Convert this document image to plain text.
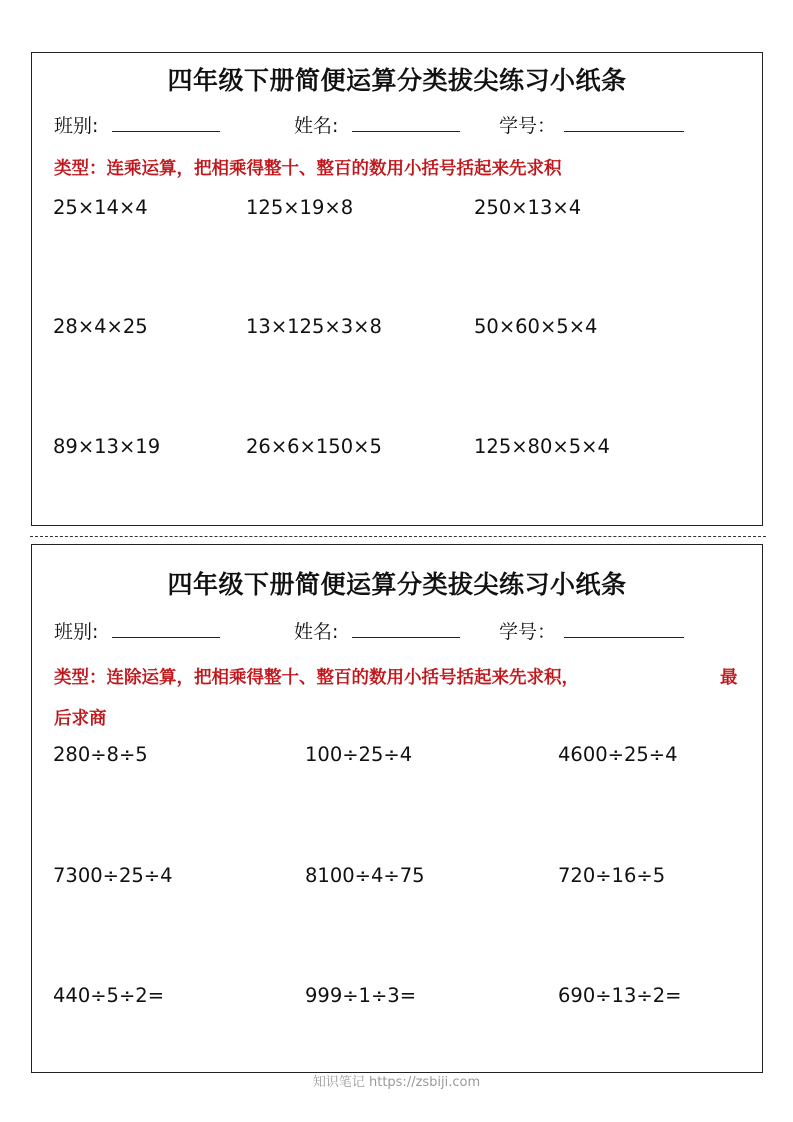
四年级下册简便运算分类拔尖练习小纸条
班别:	姓名:	学号：
类型：连乘运算，把相乘得整十、整百的数用小括号括起来先求积
25×14×4	125×19×8	250×13×4
28×4×25	13×125×3×8	50×60×5×4
89×13×19	26×6×150×5	125×80×5×4
四年级下册简便运算分类拔尖练习小纸条
班别:	姓名:	学号：
类型：连除运算，把相乘得整十、整百的数用小括号括起来先求积，	最
后求商
280÷8÷5	100÷25÷4	4600÷25÷4
7300÷25÷4	8100÷4÷75	720÷16÷5
440÷5÷2=	999÷1÷3=	690÷13÷2=
知识笔记 https://zsbiji.com
